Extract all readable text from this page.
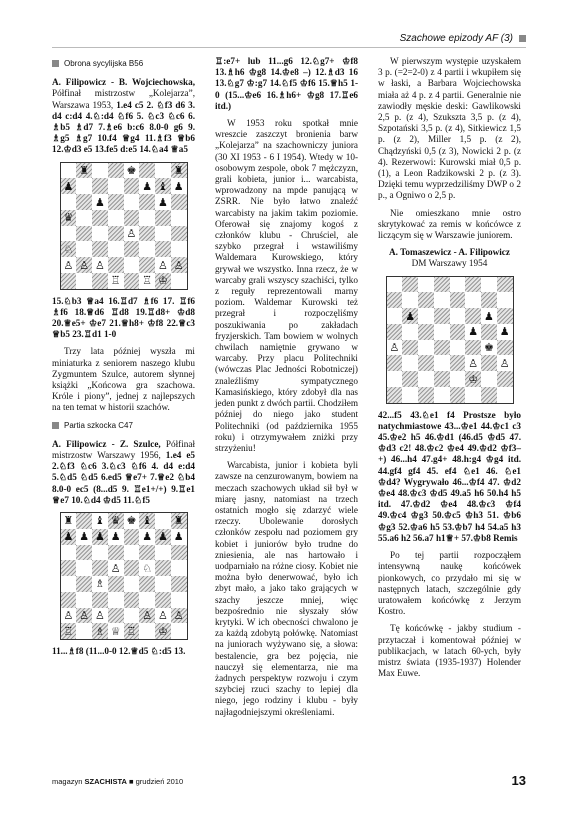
Szachowe epizody AF (3)
Obrona sycylijska B56

A. Filipowicz - B. Wojciechowska, Półfinał mistrzostw „Kolejarza”, Warszawa 1953, 1.e4 c5 2. ♘f3 d6 3. d4 c:d4 4.♘:d4 ♘f6 5. ♘c3 ♘c6 6. ♗b5 ♗d7 7.♗e6 b:c6 8.0-0 g6 9. ♗g5 ♗g7 10.f4 ♕g4 11.♗f3 ♕b6 12.♔d3 e5 13.fe5 d:e5 14.♘a4 ♕a5

♜	♚	♜
♟	♟ ♝ ♟
♟	♟
♛
♙
♘
♙ ♙ ♙	♙ ♙
♖ ♖ ♔

15.♘b3 ♕a4 16.♖d7 ♗f6 17. ♖f6 ♗f6 18.♕d6 ♖d8 19.♖d8+ ♔d8 20.♕e5+ ♔e7 21.♕h8+ ♔f8 22.♕c3 ♕b5 23.♖d1 1-0

Trzy lata później wyszła mi miniaturka z seniorem naszego klubu Zygmuntem Szulce, autorem słynnej książki „Końcowa gra szachowa. Króle i piony”, jednej z najlepszych na ten temat w historii szachów.

Partia szkocka C47

A. Filipowicz - Z. Szulce, Półfinał mistrzostw Warszawy 1956, 1.e4 e5 2.♘f3 ♘c6 3.♘c3 ♘f6 4. d4 e:d4 5.♘d5 ♘d5 6.ed5 ♕e7+ 7.♕e2 ♘b4 8.0-0 ec5 (8...d5 9. ♖e1+/+) 9.♖e1 ♕e7 10.♘d4 ♔d5 11.♘f5

♜ ♝ ♛ ♚ ♝ ♜
♟ ♟ ♟ ♟ ♟ ♟ ♟
♙ ♘
♗
♙ ♙ ♙	♙ ♙ ♙
♖ ♗ ♕ ♖ ♔

11...♗f8 (11...0-0 12.♕d5 ♘:d5 13.

♖:e7+ lub 11...g6 12.♘g7+ ♔f8 13.♗h6 ♔g8 14.♔e8 –) 12.♗d3 16 13.♘g7 ♔:g7 14.♘f5 ♔f6 15.♕h5 1-0 (15...♔e6 16.♗h6+ ♔g8 17.♖e6 itd.)

W 1953 roku spotkał mnie wreszcie zaszczyt bronienia barw „Kolejarza” na szachowniczy juniora (30 XI 1953 - 6 I 1954). Wtedy w 10-osobowym zespole, obok 7 mężczyzn, grali kobieta, junior i... warcabista, wprowadzony na mpde panującą w ZSRR. Nie było łatwo znaleźć warcabisty na jakim takim poziomie. Oferował się znajomy kogoś z członków klubu - Chruściel, ale szybko przegrał i wstawiliśmy Waldemara Kurowskiego, który grywał we wszystko. Inna rzecz, że w warcaby grali wszyscy szachiści, tylko z reguły reprezentowali marny poziom. Waldemar Kurowski też przegrał i rozpoczęliśmy poszukiwania po zakładach fryzjerskich. Tam bowiem w wolnych chwilach namiętnie grywano w warcaby. Przy placu Politechniki (wówczas Plac Jedności Robotniczej) znaleźliśmy sympatycznego Kamasińskiego, który zdobył dla nas jeden punkt z dwóch partii. Chodziłem później do niego jako student Politechniki (od października 1955 roku) i otrzymywałem zniżki przy strzyżeniu!

Warcabista, junior i kobieta byli zawsze na cenzurowanym, bowiem na meczach szachowych układ sił był w miarę jasny, natomiast na trzech ostatnich mogło się zdarzyć wiele rzeczy. Ubolewanie dorosłych członków zespołu nad poziomem gry kobiet i juniorów było trudne do zniesienia, ale nas hartowało i uodparniało na różne ciosy. Kobiet nie można było denerwować, było ich zbyt mało, a jako tako grających w szachy jeszcze mniej, więc bezpośrednio nie słyszały słów krytyki. W ich obecności chwalono je za każdą zdobytą połówkę. Natomiast na juniorach wyżywano się, a słowa: bestalencie, gra bez pojęcia, nie nauczył się elementarza, nie ma żadnych perspektyw rozwoju i czym szybciej rzuci szachy to lepiej dla niego, jego rodziny i klubu - były najłagodniejszymi określeniami.

W pierwszym występie uzyskałem 3 p. (=2=2-0) z 4 partii i wkupiłem się w łaski, a Barbara Wojciechowska miała aż 4 p. z 4 partii. Generalnie nie zawiodły męskie deski: Gawlikowski 2,5 p. (z 4), Szukszta 3,5 p. (z 4), Szpotański 3,5 p. (z 4), Sitkiewicz 1,5 p. (z 2), Miller 1,5 p. (z 2), Chądzyński 0,5 (z 3), Nowicki 2 p. (z 4). Rezerwowi: Kurowski miał 0,5 p. (1), a Leon Radzikowski 2 p. (z 3). Dzięki temu wyprzedziliśmy DWP o 2 p., a Ogniwo o 2,5 p.

Nie omieszkano mnie ostro skrytykować za remis w końcówce z liczącym się w Warszawie juniorem.

A. Tomaszewicz - A. Filipowicz

DM Warszawy 1954

♟	♟
♟ ♟
♙	♚
♙ ♙
♔

42...f5 43.♘e1 f4 Prostsze było natychmiastowe 43...♔e1 44.♔c1 c3 45.♔e2 h5 46.♔d1 (46.d5 ♔d5 47. ♔d3 c2! 48.♔c2 ♔e4 49.♔d2 ♔f3–+) 46...h4 47.g4+ 48.h:g4 ♔g4 itd. 44.gf4 gf4 45. ef4 ♘e1 46. ♘e1 ♔d4? Wygrywało 46...♔f4 47. ♔d2 ♔e4 48.♔c3 ♔d5 49.a5 h6 50.h4 h5 itd. 47.♔d2 ♔e4 48.♔c3 ♔f4 49.♔c4 ♔g3 50.♔c5 ♔h3 51. ♔b6 ♔g3 52.♔a6 h5 53.♔b7 h4 54.a5 h3 55.a6 h2 56.a7 h1♕+ 57.♔b8 Remis

Po tej partii rozpocząłem intensywną naukę końcówek pionkowych, co przydało mi się w następnych latach, szczególnie gdy uratowałem końcówkę z Jerzym Kostro.

Tę końcówkę - jakby studium - przytaczał i komentował później w publikacjach, w latach 60-ych, były mistrz świata (1935-1937) Holender Max Euwe.

magazyn
SZACHISTA
■ grudzień 2010	13
